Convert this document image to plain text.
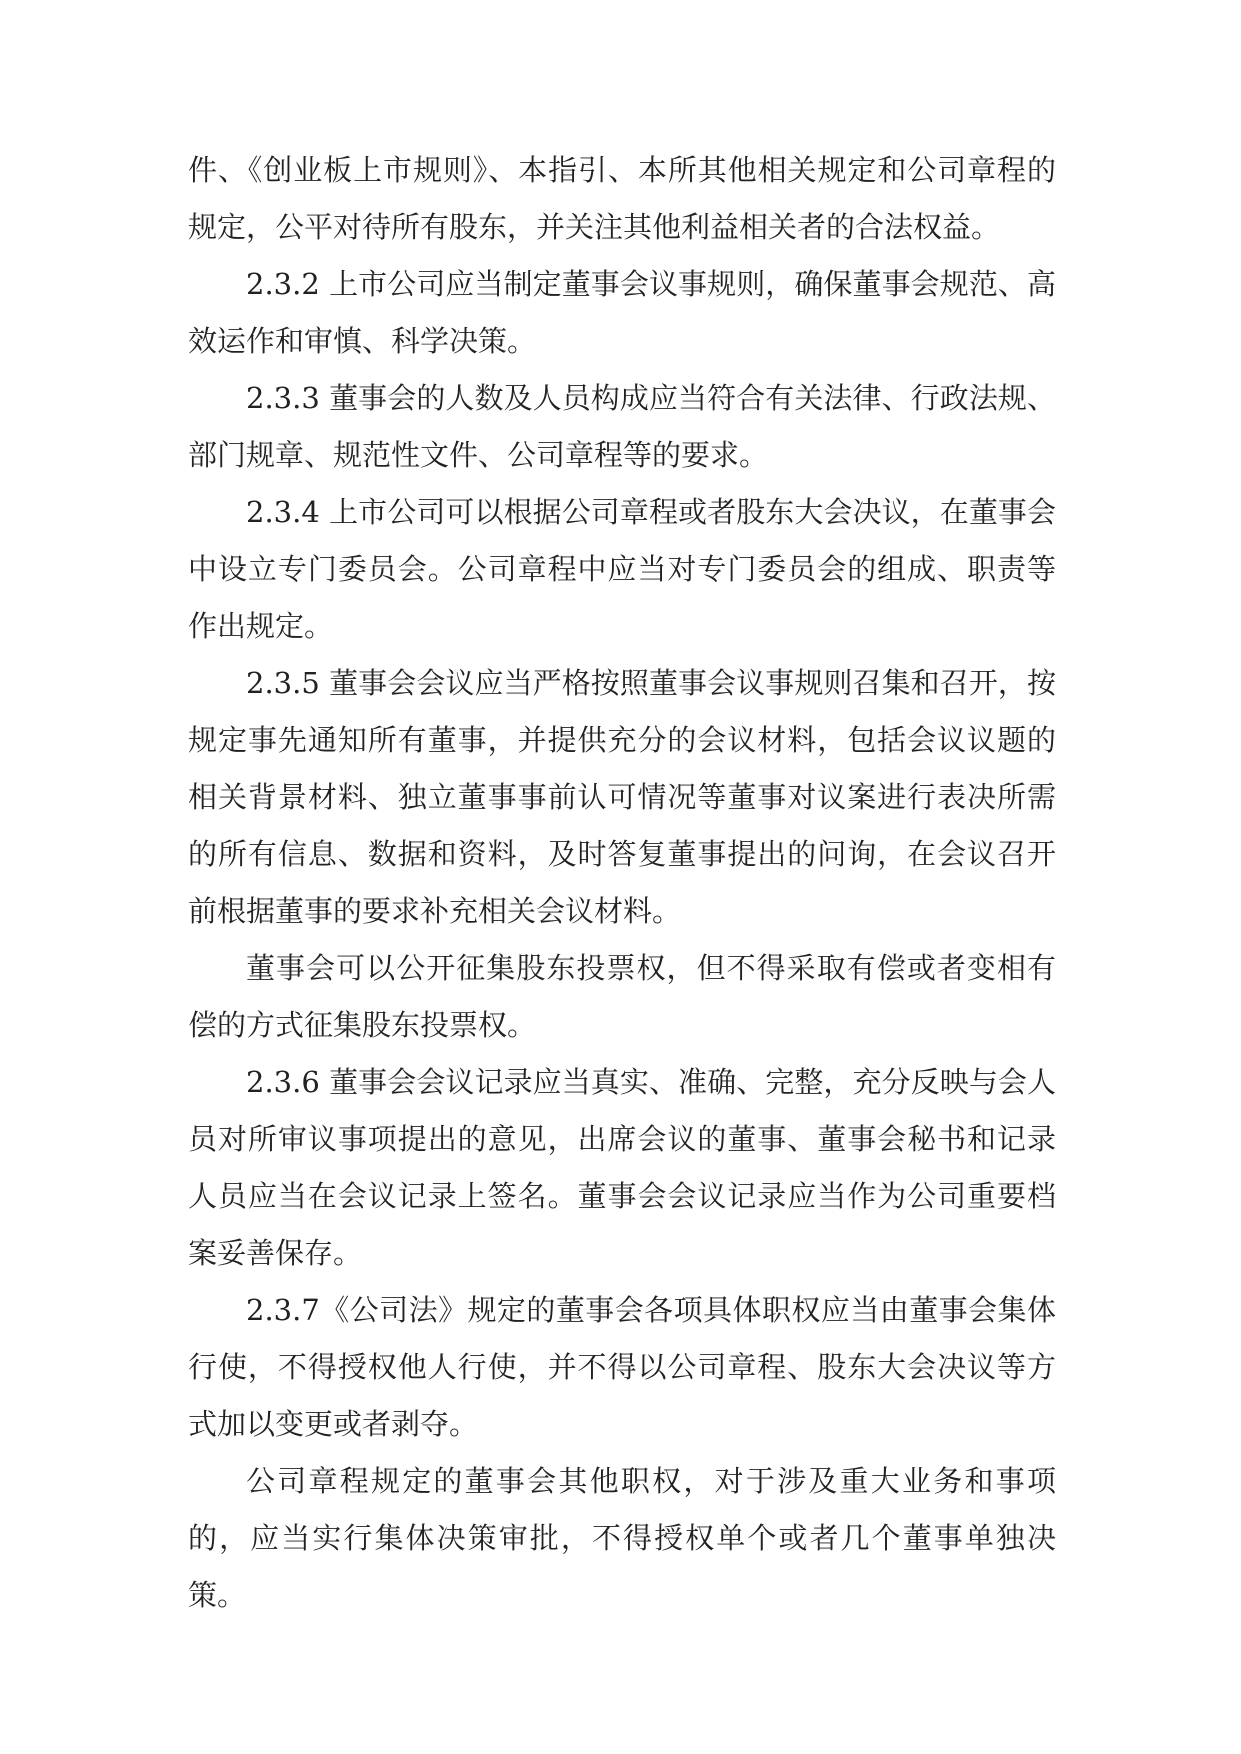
件、《创业板上市规则》、本指引、本所其他相关规定和公司章程的规定，公平对待所有股东，并关注其他利益相关者的合法权益。

2.3.2 上市公司应当制定董事会议事规则，确保董事会规范、高效运作和审慎、科学决策。

2.3.3 董事会的人数及人员构成应当符合有关法律、行政法规、部门规章、规范性文件、公司章程等的要求。

2.3.4 上市公司可以根据公司章程或者股东大会决议，在董事会中设立专门委员会。公司章程中应当对专门委员会的组成、职责等作出规定。

2.3.5 董事会会议应当严格按照董事会议事规则召集和召开，按规定事先通知所有董事，并提供充分的会议材料，包括会议议题的相关背景材料、独立董事事前认可情况等董事对议案进行表决所需的所有信息、数据和资料，及时答复董事提出的问询，在会议召开前根据董事的要求补充相关会议材料。

董事会可以公开征集股东投票权，但不得采取有偿或者变相有偿的方式征集股东投票权。

2.3.6 董事会会议记录应当真实、准确、完整，充分反映与会人员对所审议事项提出的意见，出席会议的董事、董事会秘书和记录人员应当在会议记录上签名。董事会会议记录应当作为公司重要档案妥善保存。

2.3.7《公司法》规定的董事会各项具体职权应当由董事会集体行使，不得授权他人行使，并不得以公司章程、股东大会决议等方式加以变更或者剥夺。

公司章程规定的董事会其他职权，对于涉及重大业务和事项的，应当实行集体决策审批，不得授权单个或者几个董事单独决策。
